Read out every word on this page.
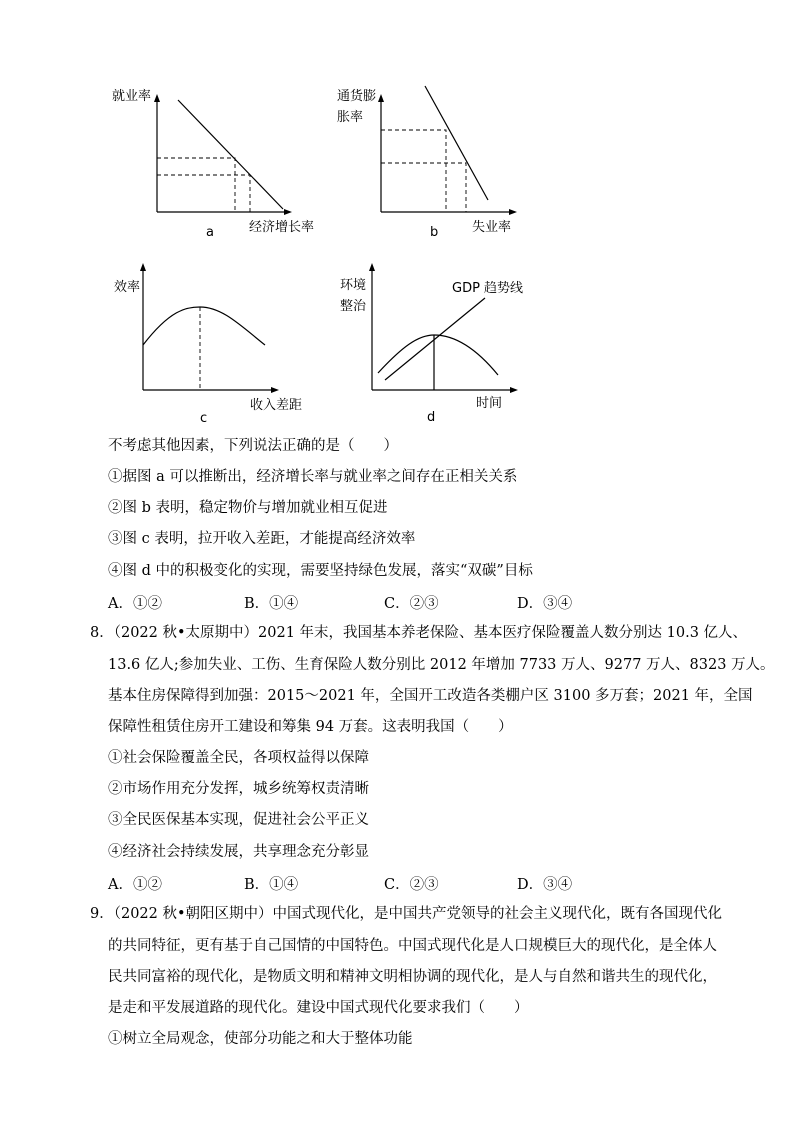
就业率
经济增长率
a
通货膨
胀率
失业率
b
效率
收入差距
c
环境
整治
GDP 趋势线
时间
d
不考虑其他因素，下列说法正确的是（　　）
①据图 a 可以推断出，经济增长率与就业率之间存在正相关关系
②图 b 表明，稳定物价与增加就业相互促进
③图 c 表明，拉开收入差距，才能提高经济效率
④图 d 中的积极变化的实现，需要坚持绿色发展，落实“双碳”目标
A．①②	B．①④	C．②③	D．③④
8．（2022 秋•太原期中）2021 年末，我国基本养老保险、基本医疗保险覆盖人数分别达 10.3 亿人、
13.6 亿人;参加失业、工伤、生育保险人数分别比 2012 年增加 7733 万人、9277 万人、8323 万人。
基本住房保障得到加强：2015～2021 年，全国开工改造各类棚户区 3100 多万套；2021 年，全国
保障性租赁住房开工建设和筹集 94 万套。这表明我国（　　）
①社会保险覆盖全民，各项权益得以保障
②市场作用充分发挥，城乡统筹权责清晰
③全民医保基本实现，促进社会公平正义
④经济社会持续发展，共享理念充分彰显
A．①②	B．①④	C．②③	D．③④
9．（2022 秋•朝阳区期中）中国式现代化，是中国共产党领导的社会主义现代化，既有各国现代化
的共同特征，更有基于自己国情的中国特色。中国式现代化是人口规模巨大的现代化，是全体人
民共同富裕的现代化，是物质文明和精神文明相协调的现代化，是人与自然和谐共生的现代化，
是走和平发展道路的现代化。建设中国式现代化要求我们（　　）
①树立全局观念，使部分功能之和大于整体功能
